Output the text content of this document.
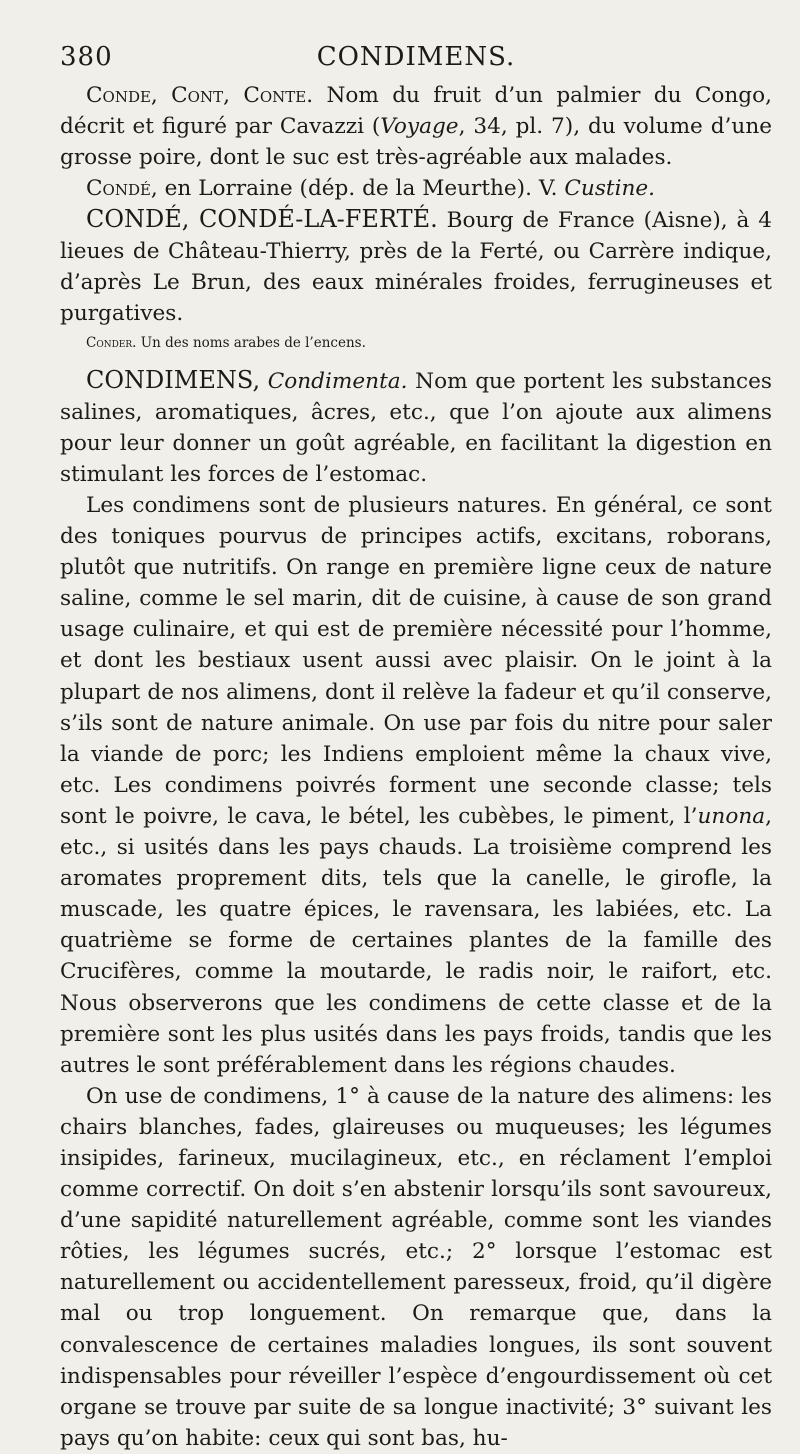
380	CONDIMENS.

Conde, Cont, Conte. Nom du fruit d’un palmier du Congo, décrit et figuré par Cavazzi (Voyage, 34, pl. 7), du volume d’une grosse poire, dont le suc est très-agréable aux malades.

Condé, en Lorraine (dép. de la Meurthe). V. Custine.

CONDÉ, CONDÉ-LA-FERTÉ. Bourg de France (Aisne), à 4 lieues de Château-Thierry, près de la Ferté, ou Carrère indique, d’après Le Brun, des eaux minérales froides, ferrugineuses et purgatives.

Conder. Un des noms arabes de l’encens.

CONDIMENS, Condimenta. Nom que portent les substances salines, aromatiques, âcres, etc., que l’on ajoute aux alimens pour leur donner un goût agréable, en facilitant la digestion en stimulant les forces de l’estomac.

Les condimens sont de plusieurs natures. En général, ce sont des toniques pourvus de principes actifs, excitans, roborans, plutôt que nutritifs. On range en première ligne ceux de nature saline, comme le sel marin, dit de cuisine, à cause de son grand usage culinaire, et qui est de première nécessité pour l’homme, et dont les bestiaux usent aussi avec plaisir. On le joint à la plupart de nos alimens, dont il relève la fadeur et qu’il conserve, s’ils sont de nature animale. On use par fois du nitre pour saler la viande de porc; les Indiens emploient même la chaux vive, etc. Les condimens poivrés forment une seconde classe; tels sont le poivre, le cava, le bétel, les cubèbes, le piment, l’unona, etc., si usités dans les pays chauds. La troisième comprend les aromates proprement dits, tels que la canelle, le girofle, la muscade, les quatre épices, le ravensara, les labiées, etc. La quatrième se forme de certaines plantes de la famille des Crucifères, comme la moutarde, le radis noir, le raifort, etc. Nous observerons que les condimens de cette classe et de la première sont les plus usités dans les pays froids, tandis que les autres le sont préférablement dans les régions chaudes.

On use de condimens, 1° à cause de la nature des alimens: les chairs blanches, fades, glaireuses ou muqueuses; les légumes insipides, farineux, mucilagineux, etc., en réclament l’emploi comme correctif. On doit s’en abstenir lorsqu’ils sont savoureux, d’une sapidité naturellement agréable, comme sont les viandes rôties, les légumes sucrés, etc.; 2° lorsque l’estomac est naturellement ou accidentellement paresseux, froid, qu’il digère mal ou trop longuement. On remarque que, dans la convalescence de certaines maladies longues, ils sont souvent indispensables pour réveiller l’espèce d’engourdissement où cet organe se trouve par suite de sa longue inactivité; 3° suivant les pays qu’on habite: ceux qui sont bas, hu-
